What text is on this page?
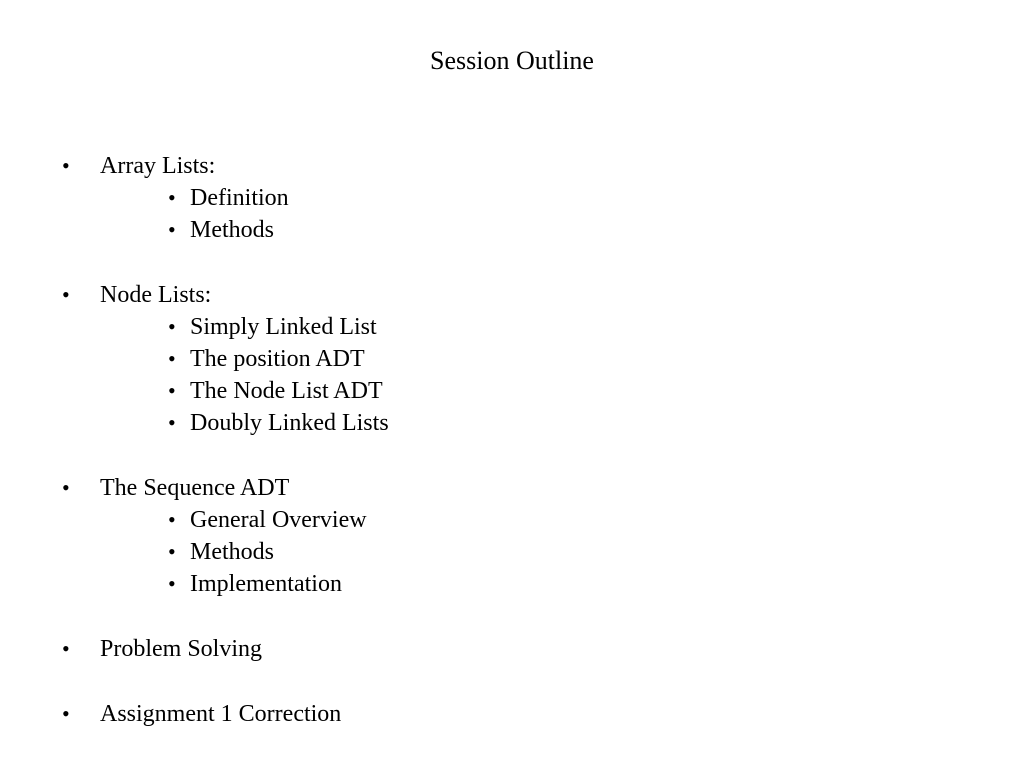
Session Outline
• Array Lists:
• Definition
• Methods
• Node Lists:
• Simply Linked List
• The position ADT
• The Node List ADT
• Doubly Linked Lists
• The Sequence ADT
• General Overview
• Methods
• Implementation
• Problem Solving
• Assignment 1 Correction
